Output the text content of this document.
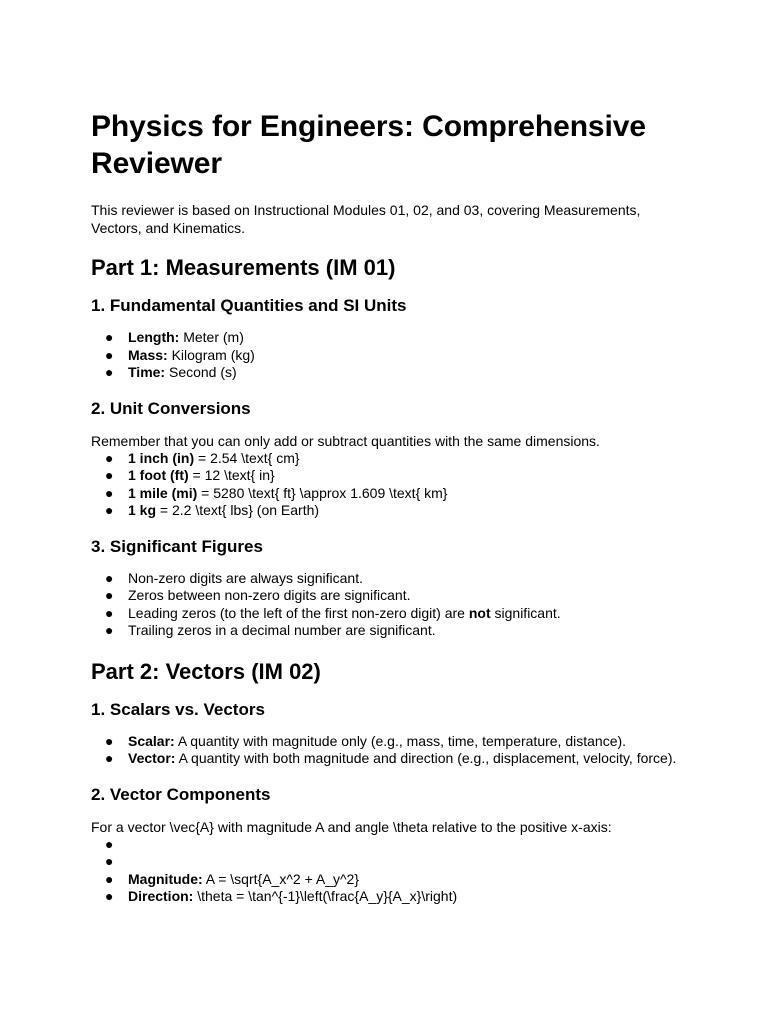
Physics for Engineers: Comprehensive Reviewer

This reviewer is based on Instructional Modules 01, 02, and 03, covering Measurements, Vectors, and Kinematics.

Part 1: Measurements (IM 01)
1. Fundamental Quantities and SI Units
● Length: Meter (m)
● Mass: Kilogram (kg)
● Time: Second (s)
2. Unit Conversions

Remember that you can only add or subtract quantities with the same dimensions.

● 1 inch (in) = 2.54 \text{ cm}
● 1 foot (ft) = 12 \text{ in}
● 1 mile (mi) = 5280 \text{ ft} \approx 1.609 \text{ km}
● 1 kg = 2.2 \text{ lbs} (on Earth)
3. Significant Figures
● Non-zero digits are always significant.
● Zeros between non-zero digits are significant.
● Leading zeros (to the left of the first non-zero digit) are not significant.
● Trailing zeros in a decimal number are significant.
Part 2: Vectors (IM 02)
1. Scalars vs. Vectors
● Scalar: A quantity with magnitude only (e.g., mass, time, temperature, distance).
● Vector: A quantity with both magnitude and direction (e.g., displacement, velocity, force).
2. Vector Components

For a vector \vec{A} with magnitude A and angle \theta relative to the positive x-axis:

●
●
● Magnitude: A = \sqrt{A_x^2 + A_y^2}
● Direction: \theta = \tan^{-1}\left(\frac{A_y}{A_x}\right)
